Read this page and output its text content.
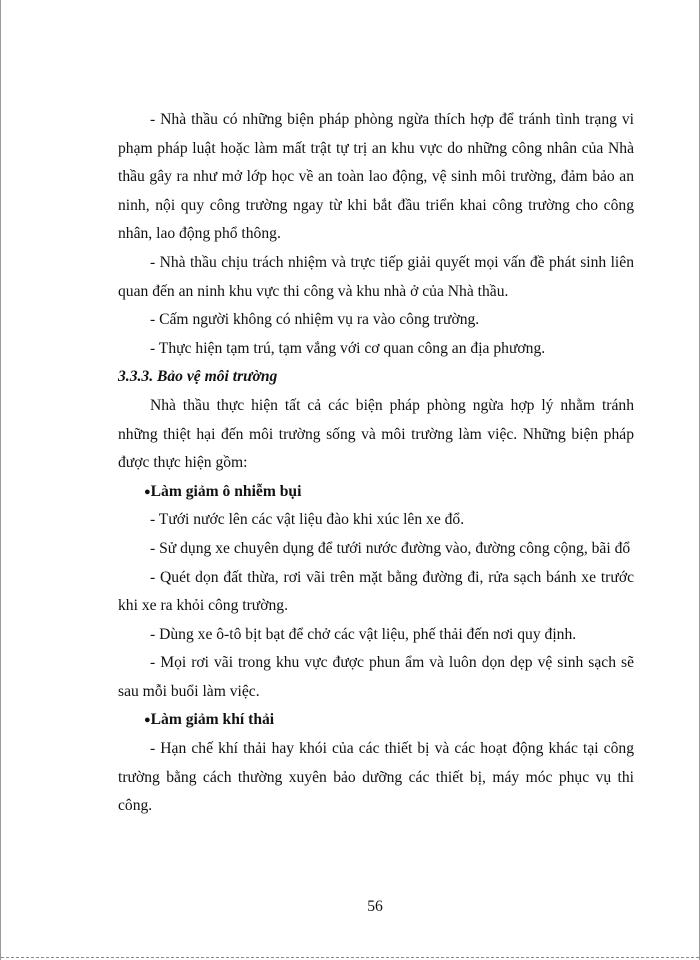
- Nhà thầu có những biện pháp phòng ngừa thích hợp để tránh tình trạng vi phạm pháp luật hoặc làm mất trật tự trị an khu vực do những công nhân của Nhà thầu gây ra như mở lớp học về an toàn lao động, vệ sinh môi trường, đảm bảo an ninh, nội quy công trường ngay từ khi bắt đầu triển khai công trường cho công nhân, lao động phổ thông.

- Nhà thầu chịu trách nhiệm và trực tiếp giải quyết mọi vấn đề phát sinh liên quan đến an ninh khu vực thi công và khu nhà ở của Nhà thầu.

- Cấm người không có nhiệm vụ ra vào công trường.

- Thực hiện tạm trú, tạm vắng với cơ quan công an địa phương.

3.3.3. Bảo vệ môi trường

Nhà thầu thực hiện tất cả các biện pháp phòng ngừa hợp lý nhằm tránh những thiệt hại đến môi trường sống và môi trường làm việc. Những biện pháp được thực hiện gồm:

●Làm giảm ô nhiễm bụi

- Tưới nước lên các vật liệu đào khi xúc lên xe đổ.

- Sử dụng xe chuyên dụng để tưới nước đường vào, đường công cộng, bãi đổ

- Quét dọn đất thừa, rơi vãi trên mặt bằng đường đi, rửa sạch bánh xe trước khi xe ra khỏi công trường.

- Dùng xe ô-tô bịt bạt để chở các vật liệu, phế thải đến nơi quy định.

- Mọi rơi vãi trong khu vực được phun ẩm và luôn dọn dẹp vệ sinh sạch sẽ sau mỗi buổi làm việc.

●Làm giảm khí thải

- Hạn chế khí thải hay khói của các thiết bị và các hoạt động khác tại công trường bằng cách thường xuyên bảo dưỡng các thiết bị, máy móc phục vụ thi công.

56
